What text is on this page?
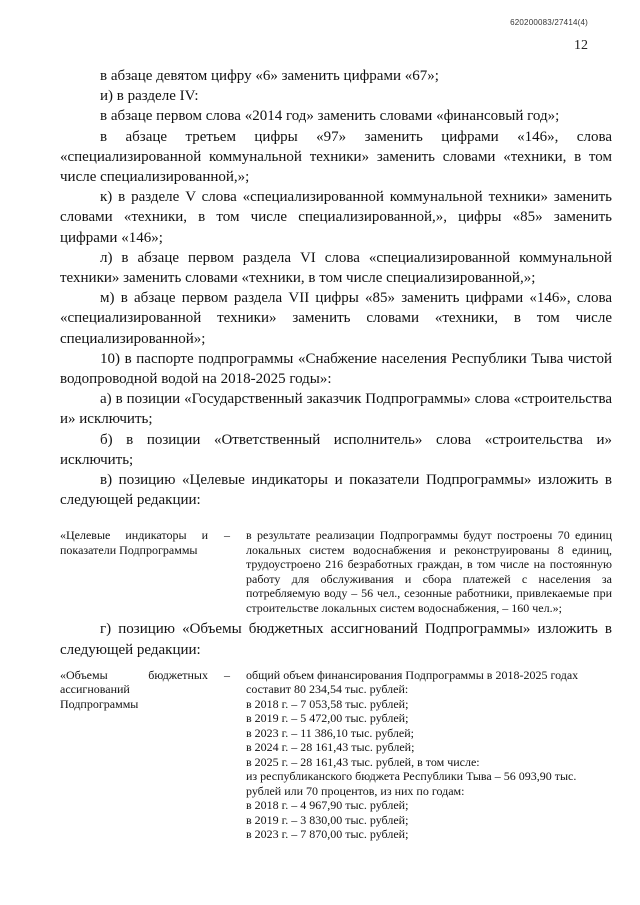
620200083/27414(4)
12

в абзаце девятом цифру «6» заменить цифрами «67»;

и) в разделе IV:

в абзаце первом слова «2014 год» заменить словами «финансовый год»;

в абзаце третьем цифры «97» заменить цифрами «146», слова «специализированной коммунальной техники» заменить словами «техники, в том числе специализированной,»;

к) в разделе V слова «специализированной коммунальной техники» заменить словами «техники, в том числе специализированной,», цифры «85» заменить цифрами «146»;

л) в абзаце первом раздела VI слова «специализированной коммунальной техники» заменить словами «техники, в том числе специализированной,»;

м) в абзаце первом раздела VII цифры «85» заменить цифрами «146», слова «специализированной техники» заменить словами «техники, в том числе специализированной»;

10) в паспорте подпрограммы «Снабжение населения Республики Тыва чистой водопроводной водой на 2018-2025 годы»:

а) в позиции «Государственный заказчик Подпрограммы» слова «строительства и» исключить;

б) в позиции «Ответственный исполнитель» слова «строительства и» исключить;

в) позицию «Целевые индикаторы и показатели Подпрограммы» изложить в следующей редакции:

«Целевые индикаторы и показатели Подпрограммы	–	в результате реализации Подпрограммы будут построены 70 единиц локальных систем водоснабжения и реконструированы 8 единиц, трудоустроено 216 безработных граждан, в том числе на постоянную работу для обслуживания и сбора платежей с населения за потребляемую воду – 56 чел., сезонные работники, привлекаемые при строительстве локальных систем водоснабжения, – 160 чел.»;

г) позицию «Объемы бюджетных ассигнований Подпрограммы» изложить в следующей редакции:

«Объемы бюджетных ассигнований Подпрограммы	–	общий объем финансирования Подпрограммы в 2018-2025 годах составит 80 234,54 тыс. рублей:
в 2018 г. – 7 053,58 тыс. рублей;
в 2019 г. – 5 472,00 тыс. рублей;
в 2023 г. – 11 386,10 тыс. рублей;
в 2024 г. – 28 161,43 тыс. рублей;
в 2025 г. – 28 161,43 тыс. рублей, в том числе:
из республиканского бюджета Республики Тыва – 56 093,90 тыс. рублей или 70 процентов, из них по годам:
в 2018 г. – 4 967,90 тыс. рублей;
в 2019 г. – 3 830,00 тыс. рублей;
в 2023 г. – 7 870,00 тыс. рублей;
